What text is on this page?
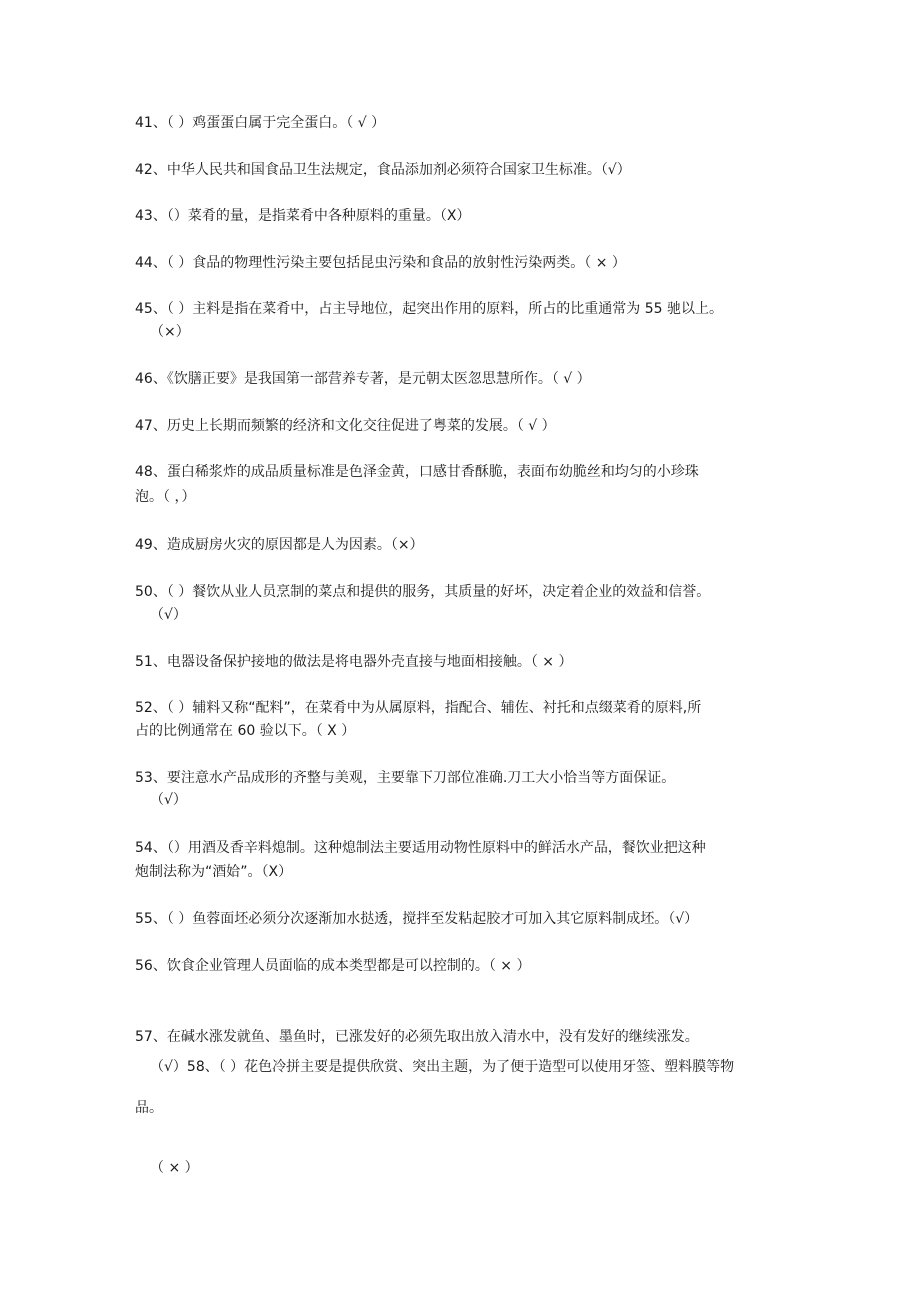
41、（ ）鸡蛋蛋白属于完全蛋白。（ √ ）
42、中华人民共和国食品卫生法规定，食品添加剂必须符合国家卫生标准。（√）
43、（）菜肴的量，是指菜肴中各种原料的重量。（X）
44、（ ）食品的物理性污染主要包括昆虫污染和食品的放射性污染两类。（ × ）
45、（ ）主料是指在菜肴中，占主导地位，起突出作用的原料，所占的比重通常为 55 驰以上。
（×）
46、《饮膳正要》是我国第一部营养专著，是元朝太医忽思慧所作。（ √ ）
47、历史上长期而频繁的经济和文化交往促进了粤菜的发展。（ √ ）
48、蛋白稀浆炸的成品质量标准是色泽金黄，口感甘香酥脆，表面布幼脆丝和均匀的小珍珠
泡。（ ，）
49、造成厨房火灾的原因都是人为因素。（×）
50、（ ）餐饮从业人员烹制的菜点和提供的服务，其质量的好坏，决定着企业的效益和信誉。
（√）
51、电器设备保护接地的做法是将电器外壳直接与地面相接触。（ × ）
52、（ ）辅料又称“配料”，在菜肴中为从属原料，指配合、辅佐、衬托和点缀菜肴的原料,所
占的比例通常在 60 验以下。（ X ）
53、要注意水产品成形的齐整与美观，主要靠下刀部位准确.刀工大小恰当等方面保证。
（√）
54、（）用酒及香辛料熄制。这种熄制法主要适用动物性原料中的鲜活水产品，餐饮业把这种
炮制法称为“酒姶”。（X）
55、（ ）鱼蓉面坯必须分次逐渐加水挞透，搅拌至发粘起胶才可加入其它原料制成坯。（√）
56、饮食企业管理人员面临的成本类型都是可以控制的。（ × ）
57、在碱水涨发就鱼、墨鱼时，已涨发好的必须先取出放入清水中，没有发好的继续涨发。
（√）58、（ ）花色冷拼主要是提供欣赏、突出主题，为了便于造型可以使用牙签、塑料膜等物
品。
（ × ）
